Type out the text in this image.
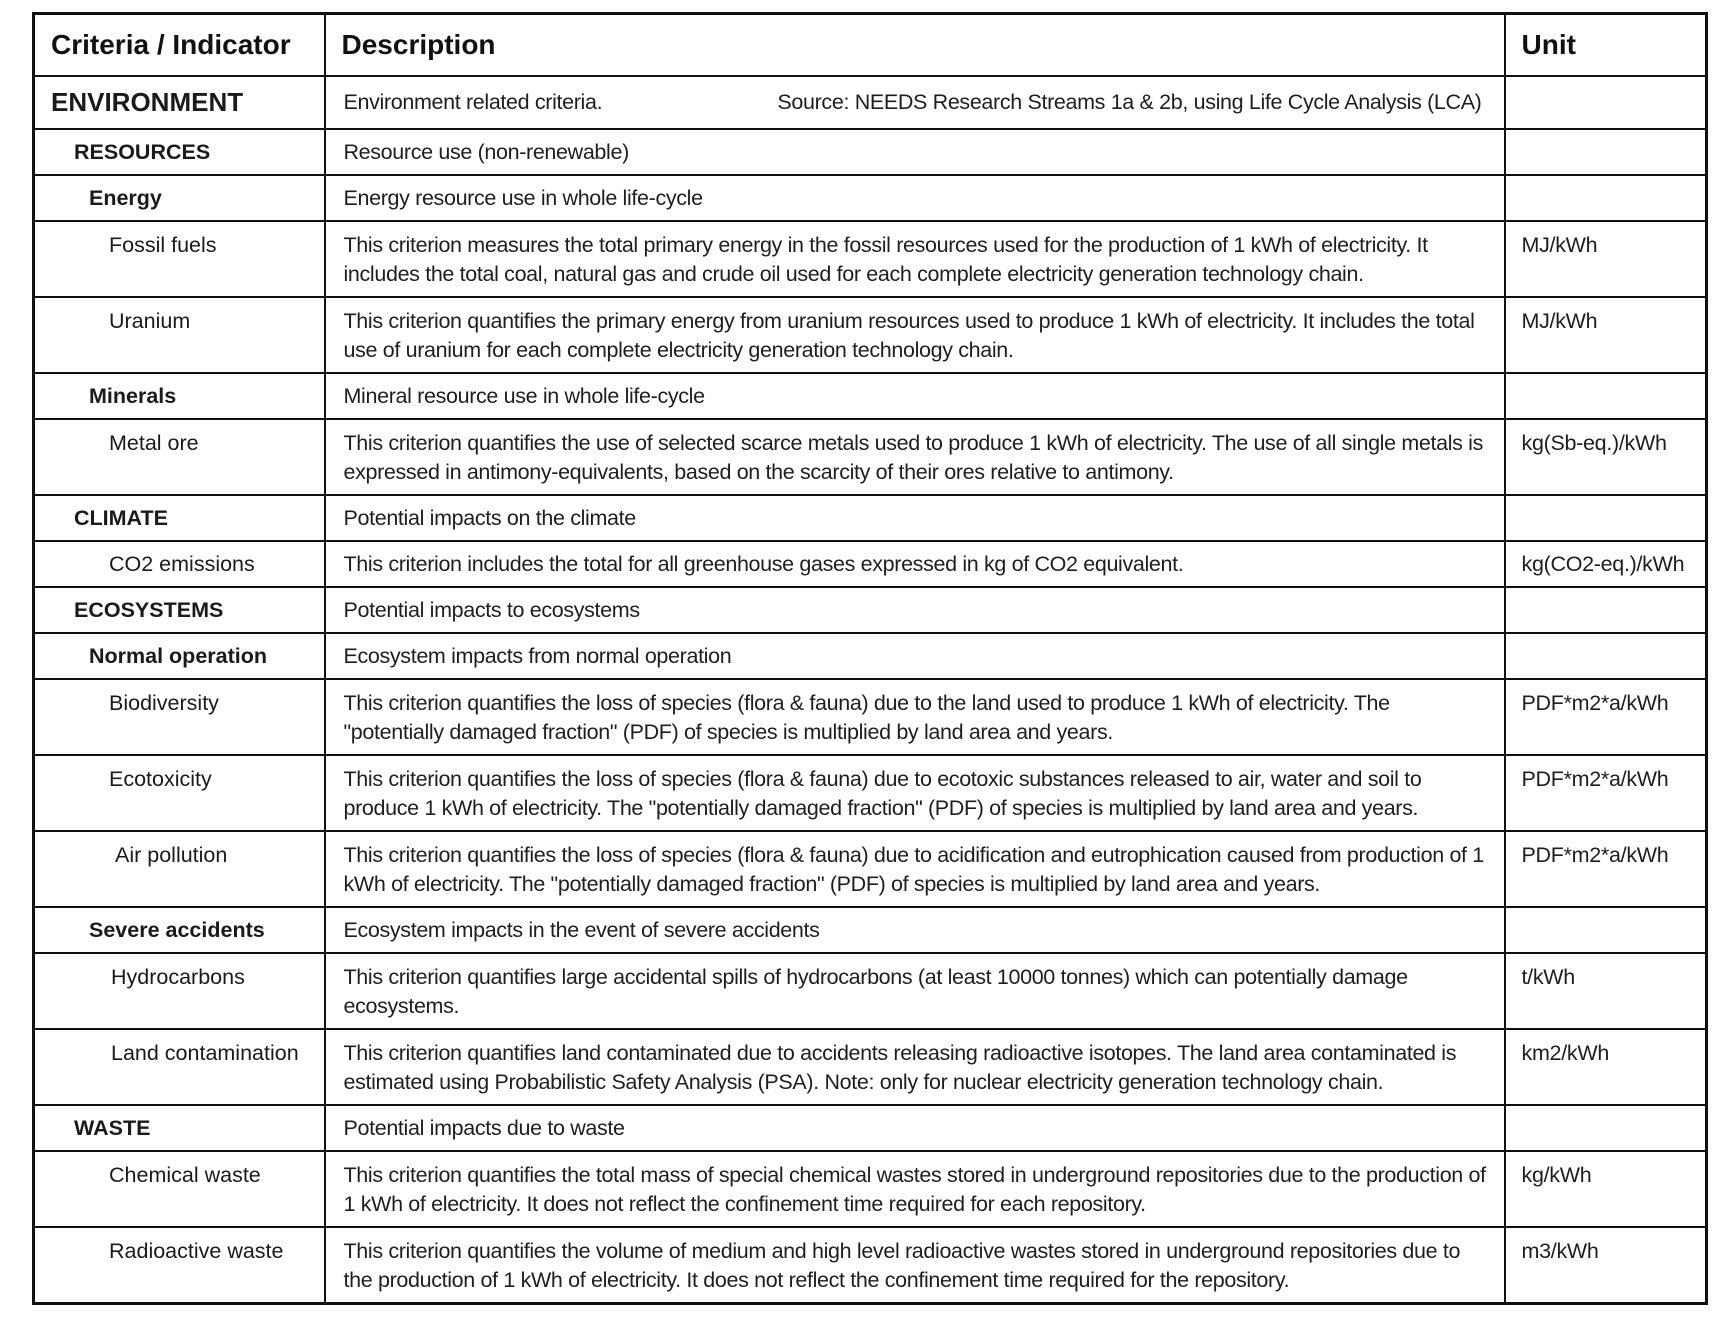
Criteria / Indicator	Description	Unit

ENVIRONMENT	Environment related criteria. Source: NEEDS Research Streams 1a & 2b, using Life Cycle Analysis (LCA)	

RESOURCES	Resource use (non-renewable)	

Energy	Energy resource use in whole life-cycle	

Fossil fuels	This criterion measures the total primary energy in the fossil resources used for the production of 1 kWh of electricity. It includes the total coal, natural gas and crude oil used for each complete electricity generation technology chain.	MJ/kWh

Uranium	This criterion quantifies the primary energy from uranium resources used to produce 1 kWh of electricity. It includes the total use of uranium for each complete electricity generation technology chain.	MJ/kWh

Minerals	Mineral resource use in whole life-cycle	

Metal ore	This criterion quantifies the use of selected scarce metals used to produce 1 kWh of electricity. The use of all single metals is expressed in antimony-equivalents, based on the scarcity of their ores relative to antimony.	kg(Sb-eq.)/kWh

CLIMATE	Potential impacts on the climate	

CO2 emissions	This criterion includes the total for all greenhouse gases expressed in kg of CO2 equivalent.	kg(CO2-eq.)/kWh

ECOSYSTEMS	Potential impacts to ecosystems	

Normal operation	Ecosystem impacts from normal operation	

Biodiversity	This criterion quantifies the loss of species (flora & fauna) due to the land used to produce 1 kWh of electricity. The "potentially damaged fraction" (PDF) of species is multiplied by land area and years.	PDF*m2*a/kWh

Ecotoxicity	This criterion quantifies the loss of species (flora & fauna) due to ecotoxic substances released to air, water and soil to produce 1 kWh of electricity. The "potentially damaged fraction" (PDF) of species is multiplied by land area and years.	PDF*m2*a/kWh

Air pollution	This criterion quantifies the loss of species (flora & fauna) due to acidification and eutrophication caused from production of 1 kWh of electricity. The "potentially damaged fraction" (PDF) of species is multiplied by land area and years.	PDF*m2*a/kWh

Severe accidents	Ecosystem impacts in the event of severe accidents	

Hydrocarbons	This criterion quantifies large accidental spills of hydrocarbons (at least 10000 tonnes) which can potentially damage ecosystems.	t/kWh

Land contamination	This criterion quantifies land contaminated due to accidents releasing radioactive isotopes. The land area contaminated is estimated using Probabilistic Safety Analysis (PSA). Note: only for nuclear electricity generation technology chain.	km2/kWh

WASTE	Potential impacts due to waste	

Chemical waste	This criterion quantifies the total mass of special chemical wastes stored in underground repositories due to the production of 1 kWh of electricity. It does not reflect the confinement time required for each repository.	kg/kWh

Radioactive waste	This criterion quantifies the volume of medium and high level radioactive wastes stored in underground repositories due to the production of 1 kWh of electricity. It does not reflect the confinement time required for the repository.	m3/kWh
